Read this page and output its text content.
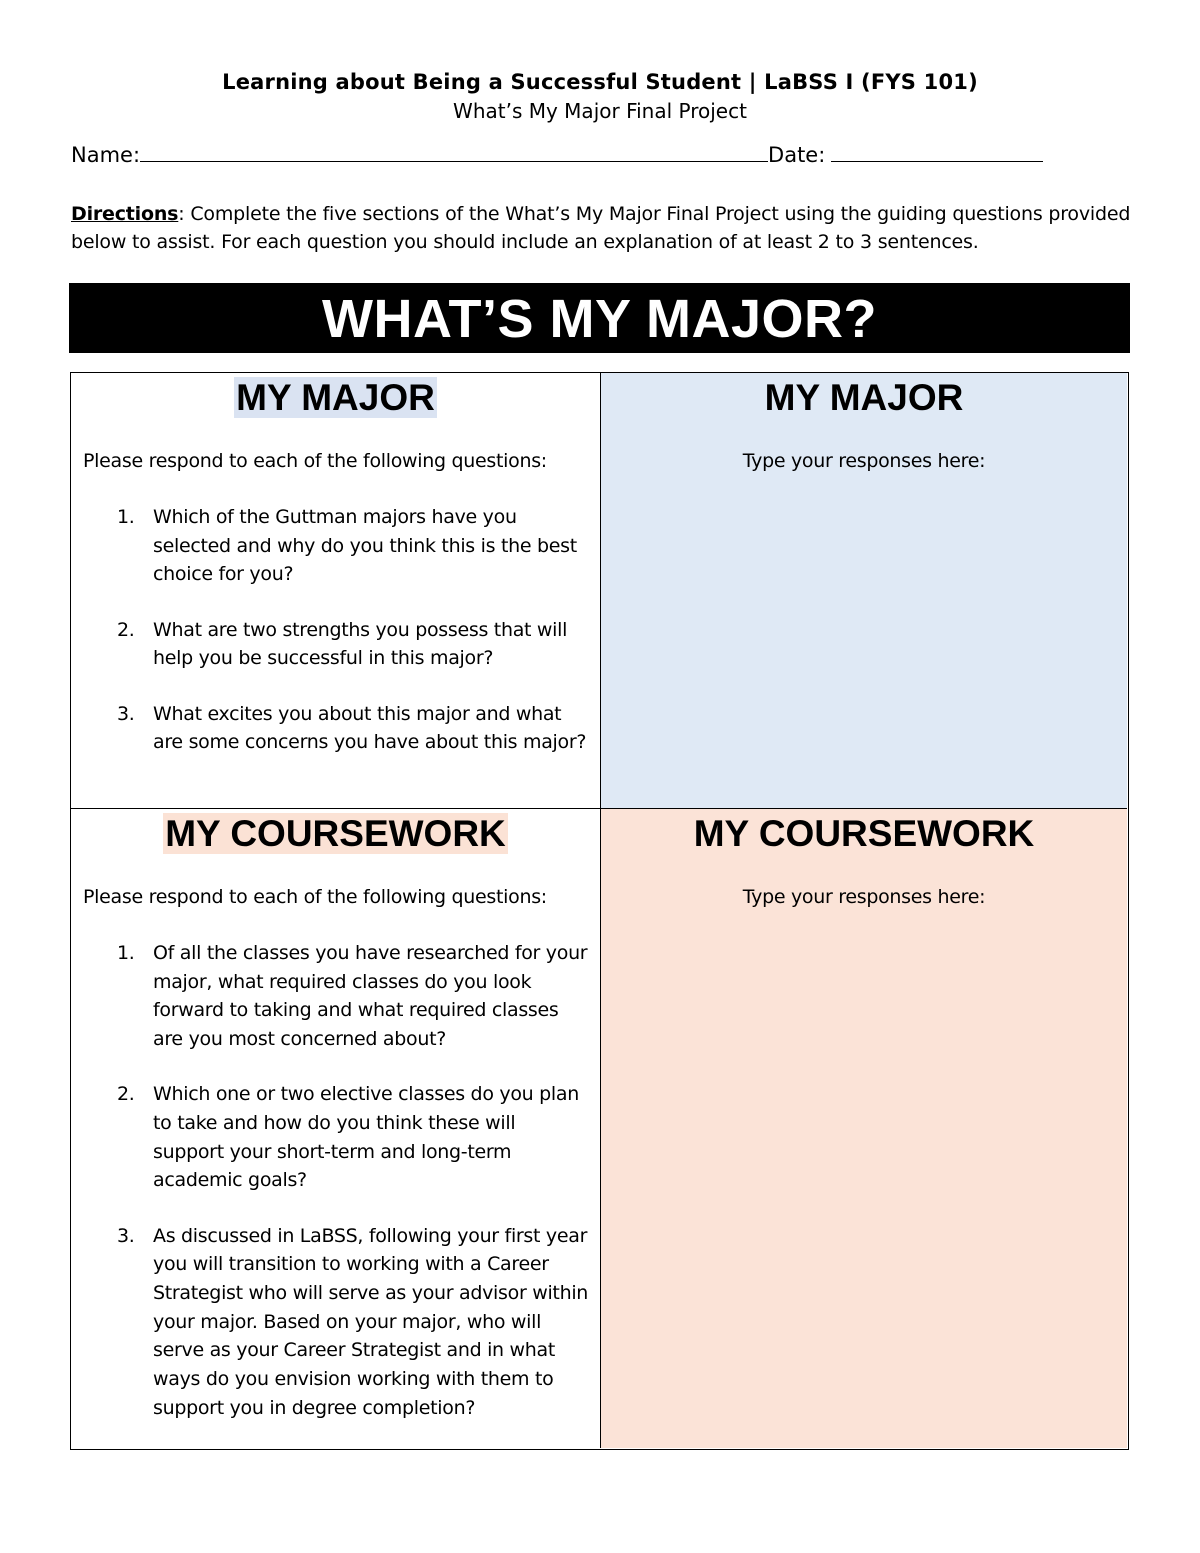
Learning about Being a Successful Student | LaBSS I (FYS 101)
What’s My Major Final Project
Name:	Date:
Directions: Complete the five sections of the What’s My Major Final Project using the guiding questions provided below to assist. For each question you should include an explanation of at least 2 to 3 sentences.
WHAT’S MY MAJOR?
MY MAJOR
Please respond to each of the following questions:
1. Which of the Guttman majors have you selected and why do you think this is the best choice for you?
2. What are two strengths you possess that will help you be successful in this major?
3. What excites you about this major and what are some concerns you have about this major?
MY MAJOR
Type your responses here:
MY COURSEWORK
Please respond to each of the following questions:
1. Of all the classes you have researched for your major, what required classes do you look forward to taking and what required classes are you most concerned about?
2. Which one or two elective classes do you plan to take and how do you think these will support your short-term and long-term academic goals?
3. As discussed in LaBSS, following your first year you will transition to working with a Career Strategist who will serve as your advisor within your major. Based on your major, who will serve as your Career Strategist and in what ways do you envision working with them to support you in degree completion?
MY COURSEWORK
Type your responses here:
